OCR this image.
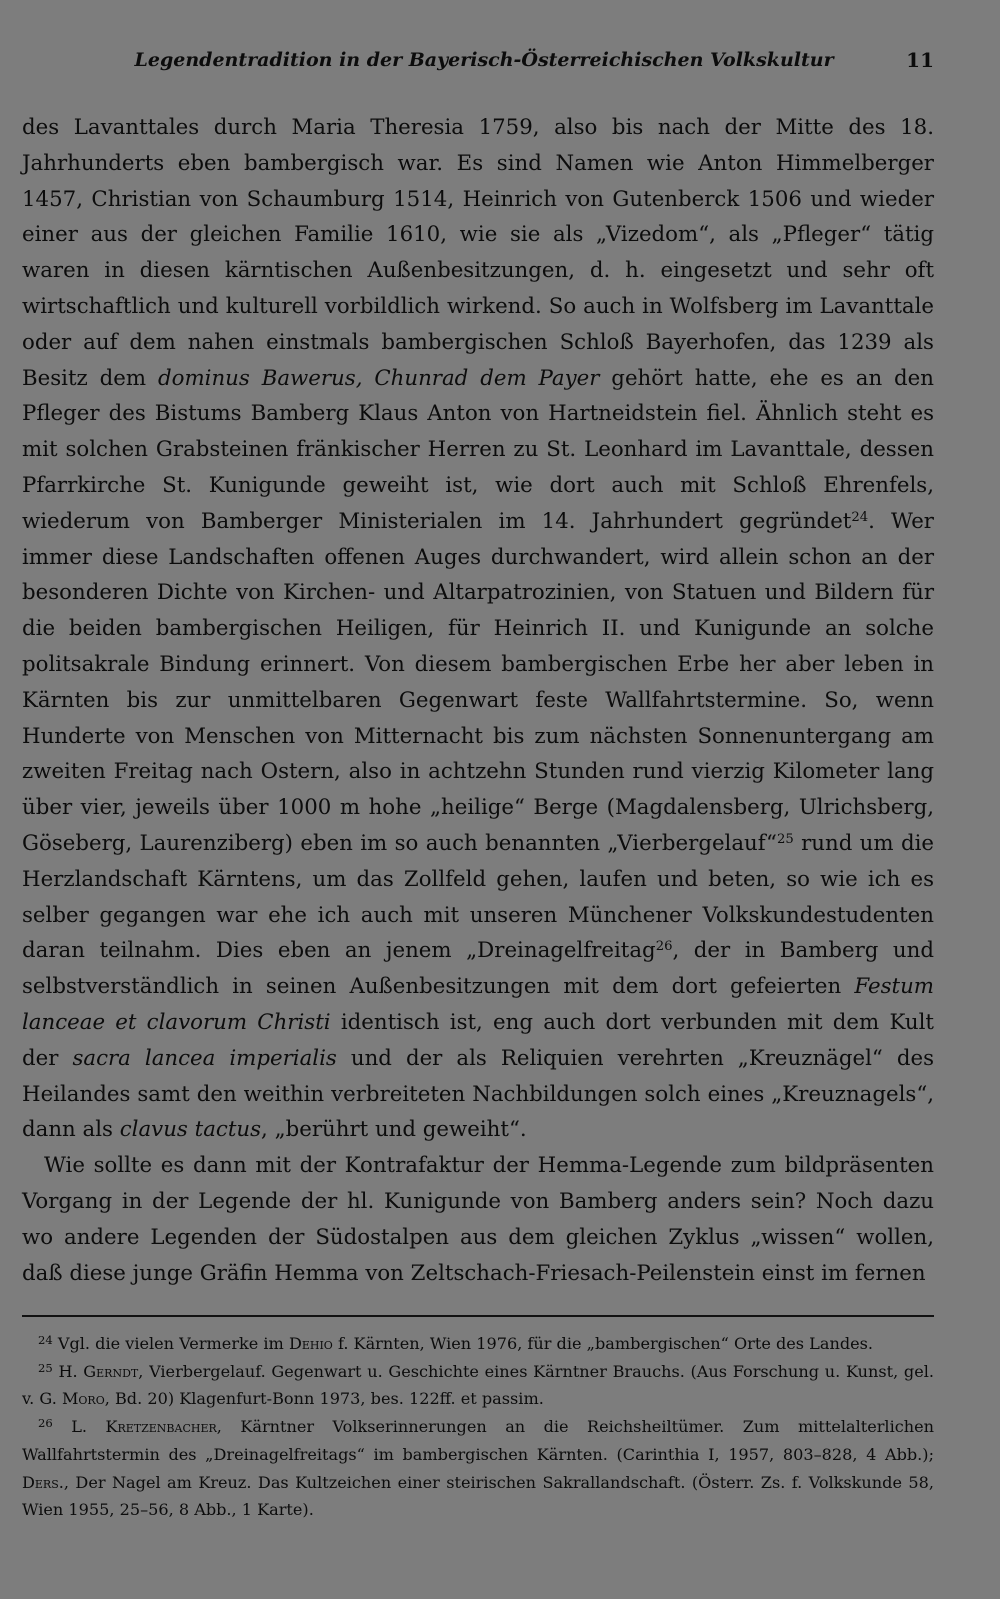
Legendentradition in der Bayerisch-Österreichischen Volkskultur	11

des Lavanttales durch Maria Theresia 1759, also bis nach der Mitte des 18. Jahrhunderts eben bambergisch war. Es sind Namen wie Anton Himmelberger 1457, Christian von Schaumburg 1514, Heinrich von Gutenberck 1506 und wieder einer aus der gleichen Familie 1610, wie sie als „Vizedom“, als „Pfleger“ tätig waren in diesen kärntischen Außenbesitzungen, d. h. eingesetzt und sehr oft wirtschaftlich und kulturell vorbildlich wirkend. So auch in Wolfsberg im Lavanttale oder auf dem nahen einstmals bambergischen Schloß Bayerhofen, das 1239 als Besitz dem dominus Bawerus, Chunrad dem Payer gehört hatte, ehe es an den Pfleger des Bistums Bamberg Klaus Anton von Hartneidstein fiel. Ähnlich steht es mit solchen Grabsteinen fränkischer Herren zu St. Leonhard im Lavanttale, dessen Pfarrkirche St. Kunigunde geweiht ist, wie dort auch mit Schloß Ehrenfels, wiederum von Bamberger Ministerialen im 14. Jahrhundert gegründet$^{24}$. Wer immer diese Landschaften offenen Auges durchwandert, wird allein schon an der besonderen Dichte von Kirchen- und Altarpatrozinien, von Statuen und Bildern für die beiden bambergischen Heiligen, für Heinrich II. und Kunigunde an solche politsakrale Bindung erinnert. Von diesem bambergischen Erbe her aber leben in Kärnten bis zur unmittelbaren Gegenwart feste Wallfahrtstermine. So, wenn Hunderte von Menschen von Mitternacht bis zum nächsten Sonnenuntergang am zweiten Freitag nach Ostern, also in achtzehn Stunden rund vierzig Kilometer lang über vier, jeweils über 1000 m hohe „heilige“ Berge (Magdalensberg, Ulrichsberg, Göseberg, Laurenziberg) eben im so auch benannten „Vierbergelauf“$^{25}$ rund um die Herzlandschaft Kärntens, um das Zollfeld gehen, laufen und beten, so wie ich es selber gegangen war ehe ich auch mit unseren Münchener Volkskundestudenten daran teilnahm. Dies eben an jenem „Dreinagelfreitag$^{26}$, der in Bamberg und selbstverständlich in seinen Außenbesitzungen mit dem dort gefeierten Festum lanceae et clavorum Christi identisch ist, eng auch dort verbunden mit dem Kult der sacra lancea imperialis und der als Reliquien verehrten „Kreuznägel“ des Heilandes samt den weithin verbreiteten Nachbildungen solch eines „Kreuznagels“, dann als clavus tactus, „berührt und geweiht“.

Wie sollte es dann mit der Kontrafaktur der Hemma-Legende zum bildpräsenten Vorgang in der Legende der hl. Kunigunde von Bamberg anders sein? Noch dazu wo andere Legenden der Südostalpen aus dem gleichen Zyklus „wissen“ wollen, daß diese junge Gräfin Hemma von Zeltschach-Friesach-Peilenstein einst im fernen

$^{24}$ Vgl. die vielen Vermerke im Dehio f. Kärnten, Wien 1976, für die „bambergischen“ Orte des Landes.

$^{25}$ H. Gerndt, Vierbergelauf. Gegenwart u. Geschichte eines Kärntner Brauchs. (Aus Forschung u. Kunst, gel. v. G. Moro, Bd. 20) Klagenfurt-Bonn 1973, bes. 122ff. et passim.

$^{26}$ L. Kretzenbacher, Kärntner Volkserinnerungen an die Reichsheiltümer. Zum mittelalterlichen Wallfahrtstermin des „Dreinagelfreitags“ im bambergischen Kärnten. (Carinthia I, 1957, 803–828, 4 Abb.); Ders., Der Nagel am Kreuz. Das Kultzeichen einer steirischen Sakrallandschaft. (Österr. Zs. f. Volkskunde 58, Wien 1955, 25–56, 8 Abb., 1 Karte).
